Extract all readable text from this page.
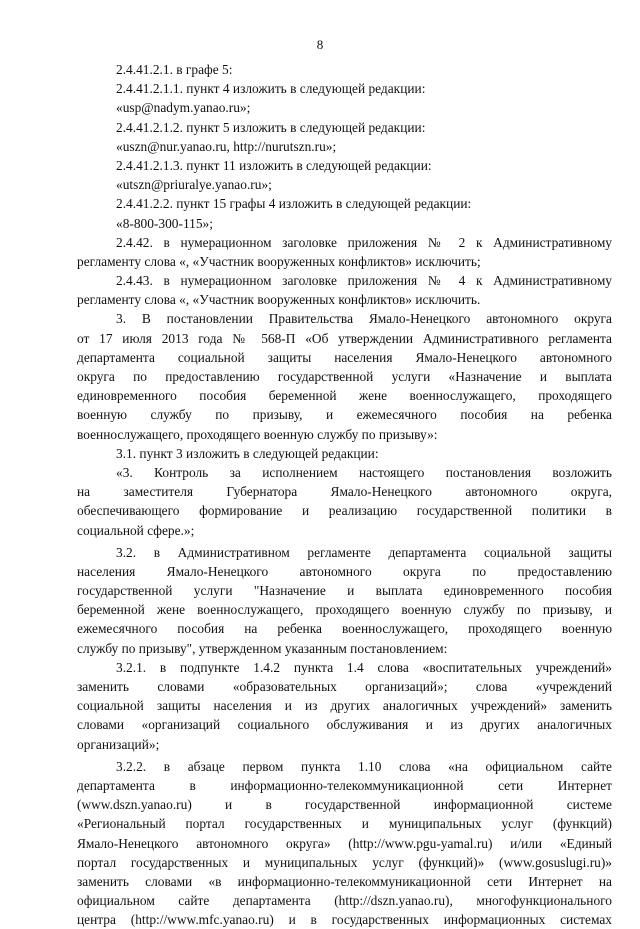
8
2.4.41.2.1. в графе 5:
2.4.41.2.1.1. пункт 4 изложить в следующей редакции:
«usp@nadym.yanao.ru»;
2.4.41.2.1.2. пункт 5 изложить в следующей редакции:
«uszn@nur.yanao.ru, http://nurutszn.ru»;
2.4.41.2.1.3. пункт 11 изложить в следующей редакции:
«utszn@priuralye.yanao.ru»;
2.4.41.2.2. пункт 15 графы 4 изложить в следующей редакции:
«8-800-300-115»;
2.4.42. в нумерационном заголовке приложения № 2 к Административному
регламенту слова «, «Участник вооруженных конфликтов» исключить;
2.4.43. в нумерационном заголовке приложения № 4 к Административному
регламенту слова «, «Участник вооруженных конфликтов» исключить.
3. В постановлении Правительства Ямало-Ненецкого автономного округа
от 17 июля 2013 года № 568-П «Об утверждении Административного регламента
департамента социальной защиты населения Ямало-Ненецкого автономного
округа по предоставлению государственной услуги «Назначение и выплата
единовременного пособия беременной жене военнослужащего, проходящего
военную службу по призыву, и ежемесячного пособия на ребенка
военнослужащего, проходящего военную службу по призыву»:
3.1. пункт 3 изложить в следующей редакции:
«3. Контроль за исполнением настоящего постановления возложить
на заместителя Губернатора Ямало-Ненецкого автономного округа,
обеспечивающего формирование и реализацию государственной политики в
социальной сфере.»;
3.2. в Административном регламенте департамента социальной защиты
населения Ямало-Ненецкого автономного округа по предоставлению
государственной услуги "Назначение и выплата единовременного пособия
беременной жене военнослужащего, проходящего военную службу по призыву, и
ежемесячного пособия на ребенка военнослужащего, проходящего военную
службу по призыву", утвержденном указанным постановлением:
3.2.1. в подпункте 1.4.2 пункта 1.4 слова «воспитательных учреждений»
заменить словами «образовательных организаций»; слова «учреждений
социальной защиты населения и из других аналогичных учреждений» заменить
словами «организаций социального обслуживания и из других аналогичных
организаций»;
3.2.2. в абзаце первом пункта 1.10 слова «на официальном сайте
департамента в информационно-телекоммуникационной сети Интернет
(www.dszn.yanao.ru) и в государственной информационной системе
«Региональный портал государственных и муниципальных услуг (функций)
Ямало-Ненецкого автономного округа» (http://www.pgu-yamal.ru) и/или «Единый
портал государственных и муниципальных услуг (функций)» (www.gosuslugi.ru)»
заменить словами «в информационно-телекоммуникационной сети Интернет на
официальном сайте департамента (http://dszn.yanao.ru), многофункционального
центра (http://www.mfc.yanao.ru) и в государственных информационных системах
